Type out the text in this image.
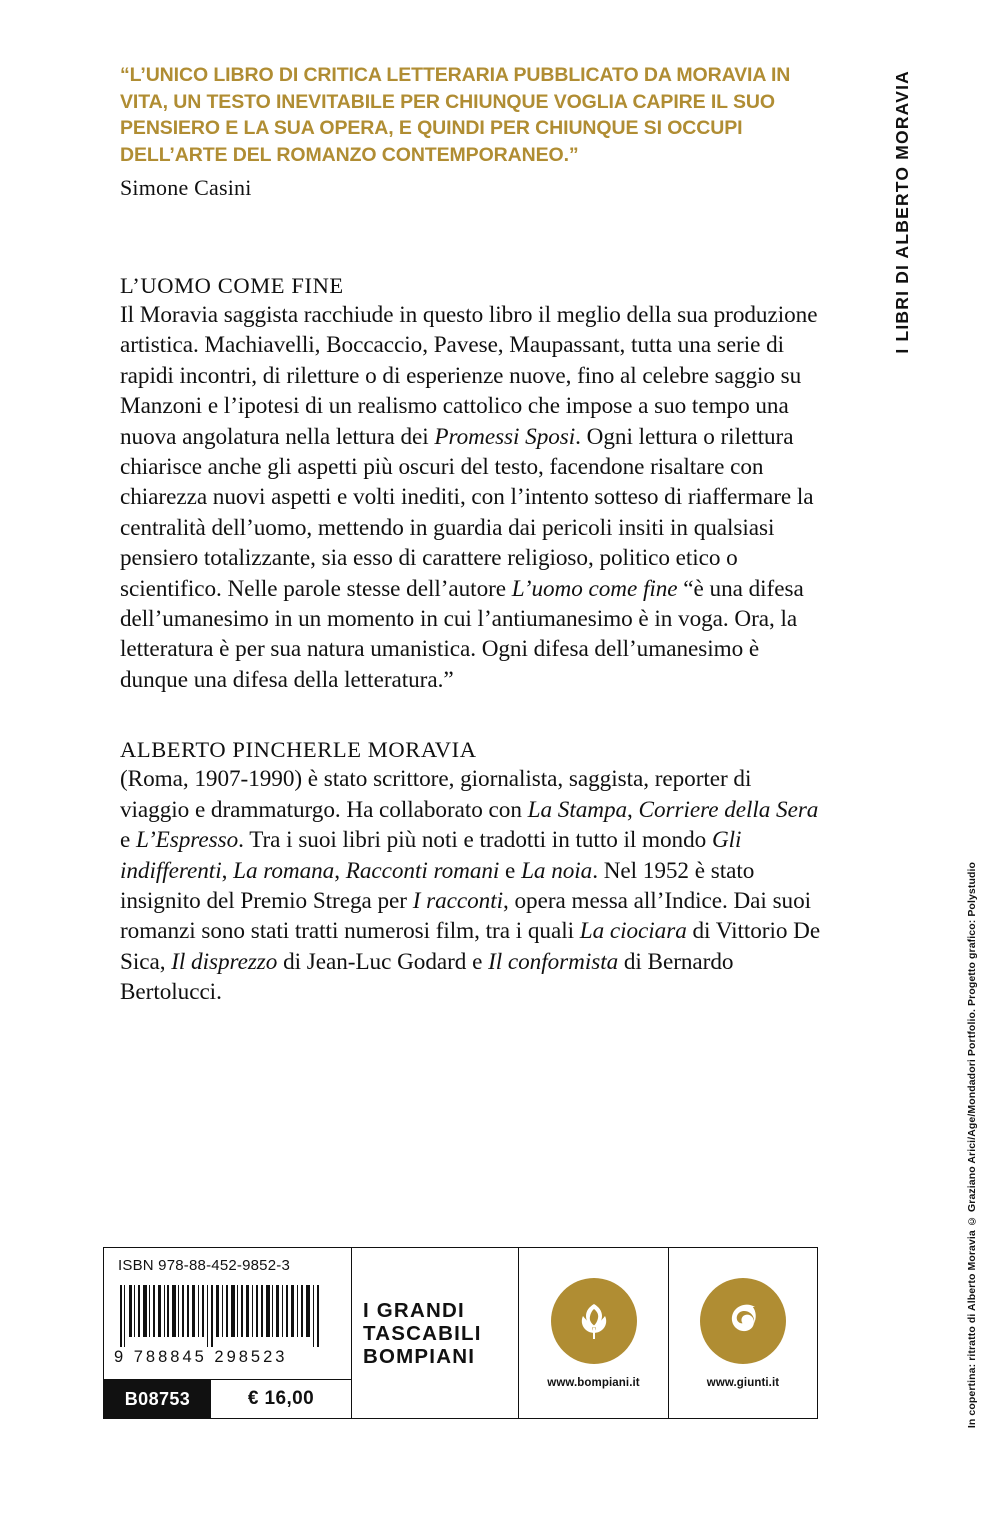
I LIBRI DI ALBERTO MORAVIA
In copertina: ritratto di Alberto Moravia © Graziano Arici/Age/Mondadori Portfolio. Progetto grafico: Polystudio
“L’UNICO LIBRO DI CRITICA LETTERARIA PUBBLICATO DA MORAVIA IN VITA, UN TESTO INEVITABILE PER CHIUNQUE VOGLIA CAPIRE IL SUO PENSIERO E LA SUA OPERA, E QUINDI PER CHIUNQUE SI OCCUPI DELL’ARTE DEL ROMANZO CONTEMPORANEO.”
Simone Casini
L’UOMO COME FINE
Il Moravia saggista racchiude in questo libro il meglio della sua produzione artistica. Machiavelli, Boccaccio, Pavese, Maupassant, tutta una serie di rapidi incontri, di riletture o di esperienze nuove, fino al celebre saggio su Manzoni e l’ipotesi di un realismo cattolico che impose a suo tempo una nuova angolatura nella lettura dei Promessi Sposi. Ogni lettura o rilettura chiarisce anche gli aspetti più oscuri del testo, facendone risaltare con chiarezza nuovi aspetti e volti inediti, con l’intento sotteso di riaffermare la centralità dell’uomo, mettendo in guardia dai pericoli insiti in qualsiasi pensiero totalizzante, sia esso di carattere religioso, politico etico o scientifico. Nelle parole stesse dell’autore L’uomo come fine “è una difesa dell’umanesimo in un momento in cui l’antiumanesimo è in voga. Ora, la letteratura è per sua natura umanistica. Ogni difesa dell’umanesimo è dunque una difesa della letteratura.”
ALBERTO PINCHERLE MORAVIA
(Roma, 1907-1990) è stato scrittore, giornalista, saggista, reporter di viaggio e drammaturgo. Ha collaborato con La Stampa, Corriere della Sera e L’Espresso. Tra i suoi libri più noti e tradotti in tutto il mondo Gli indifferenti, La romana, Racconti romani e La noia. Nel 1952 è stato insignito del Premio Strega per I racconti, opera messa all’Indice. Dai suoi romanzi sono stati tratti numerosi film, tra i quali La ciociara di Vittorio De Sica, Il disprezzo di Jean-Luc Godard e Il conformista di Bernardo Bertolucci.
ISBN 978-88-452-9852-3
9 788845 298523
B08753	€ 16,00
I GRANDI
TASCABILI
BOMPIANI
www.bompiani.it	www.giunti.it
